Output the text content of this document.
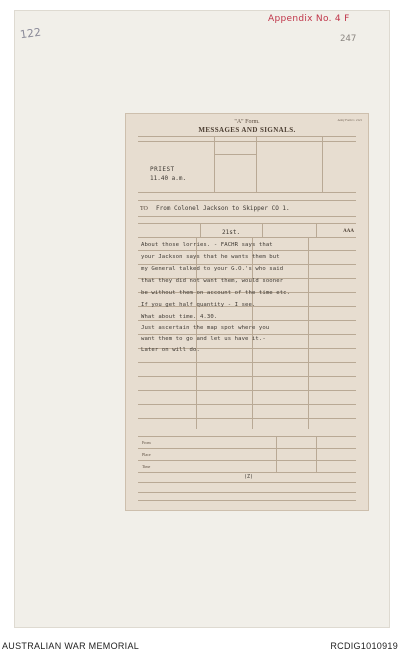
122
Appendix No. 4 F
247
Army Form C. 2121
"A" Form.
MESSAGES AND SIGNALS.
PRIEST
11.40 a.m.
TO From Colonel Jackson to Skipper CO 1.
21st.	AAA
About those lorries. - FACHR says that
your Jackson says that he wants them but
my General talked to your G.O.'s who said
that they did not want them, would sooner
be without them on account of the time etc.
If you get half quantity - I see.
What about time. 4.30.
Just ascertain the map spot where you
want them to go and let us have it.-
Later on will do.
From
Place
Time
(Z)
AUSTRALIAN WAR MEMORIAL	RCDIG1010919
